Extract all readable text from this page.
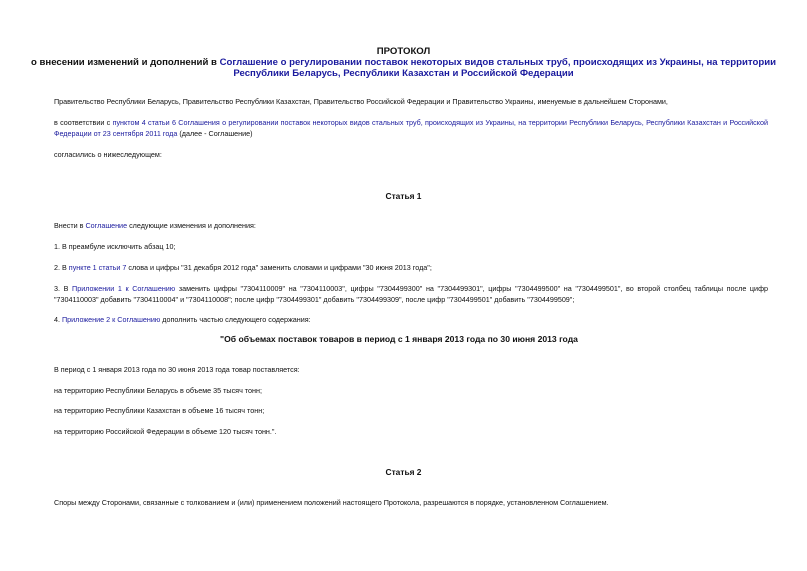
ПРОТОКОЛ
о внесении изменений и дополнений в Соглашение о регулировании поставок некоторых видов стальных труб, происходящих из Украины, на территории
Республики Беларусь, Республики Казахстан и Российской Федерации

Правительство Республики Беларусь, Правительство Республики Казахстан, Правительство Российской Федерации и Правительство Украины, именуемые в дальнейшем Сторонами,

в соответствии с пунктом 4 статьи 6 Соглашения о регулировании поставок некоторых видов стальных труб, происходящих из Украины, на территории Республики Беларусь, Республики Казахстан и Российской Федерации от 23 сентября 2011 года (далее - Соглашение)

согласились о нижеследующем:

Статья 1

Внести в Соглашение следующие изменения и дополнения:

1. В преамбуле исключить абзац 10;

2. В пункте 1 статьи 7 слова и цифры "31 декабря 2012 года" заменить словами и цифрами "30 июня 2013 года";

3. В Приложении 1 к Соглашению заменить цифры "7304110009" на "7304110003", цифры "7304499300" на "7304499301", цифры "7304499500" на "7304499501", во второй столбец таблицы после цифр "7304110003" добавить "7304110004" и "7304110008"; после цифр "7304499301" добавить "7304499309", после цифр "7304499501" добавить "7304499509";

4. Приложение 2 к Соглашению дополнить частью следующего содержания:

"Об объемах поставок товаров в период с 1 января 2013 года по 30 июня 2013 года

В период с 1 января 2013 года по 30 июня 2013 года товар поставляется:

на территорию Республики Беларусь в объеме 35 тысяч тонн;

на территорию Республики Казахстан в объеме 16 тысяч тонн;

на территорию Российской Федерации в объеме 120 тысяч тонн.".

Статья 2

Споры между Сторонами, связанные с толкованием и (или) применением положений настоящего Протокола, разрешаются в порядке, установленном Соглашением.
